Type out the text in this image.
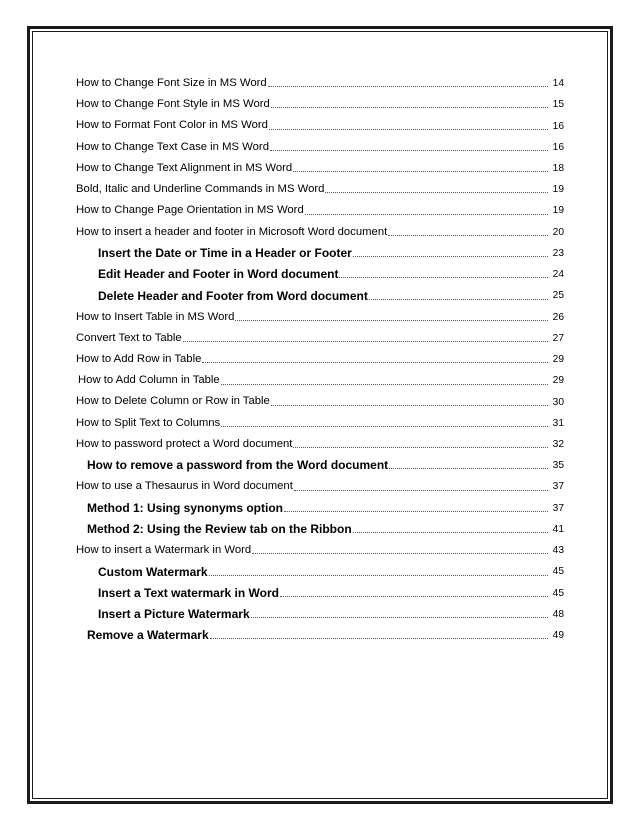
How to Change Font Size in MS Word	14
How to Change Font Style in MS Word	15
How to Format Font Color in MS Word	16
How to Change Text Case in MS Word	16
How to Change Text Alignment in MS Word	18
Bold, Italic and Underline Commands in MS Word	19
How to Change Page Orientation in MS Word	19
How to insert a header and footer in Microsoft Word document	20
Insert the Date or Time in a Header or Footer	23
Edit Header and Footer in Word document	24
Delete Header and Footer from Word document	25
How to Insert Table in MS Word	26
Convert Text to Table	27
How to Add Row in Table	29
How to Add Column in Table	29
How to Delete Column or Row in Table	30
How to Split Text to Columns	31
How to password protect a Word document	32
How to remove a password from the Word document	35
How to use a Thesaurus in Word document	37
Method 1: Using synonyms option	37
Method 2: Using the Review tab on the Ribbon	41
How to insert a Watermark in Word	43
Custom Watermark	45
Insert a Text watermark in Word	45
Insert a Picture Watermark	48
Remove a Watermark	49
